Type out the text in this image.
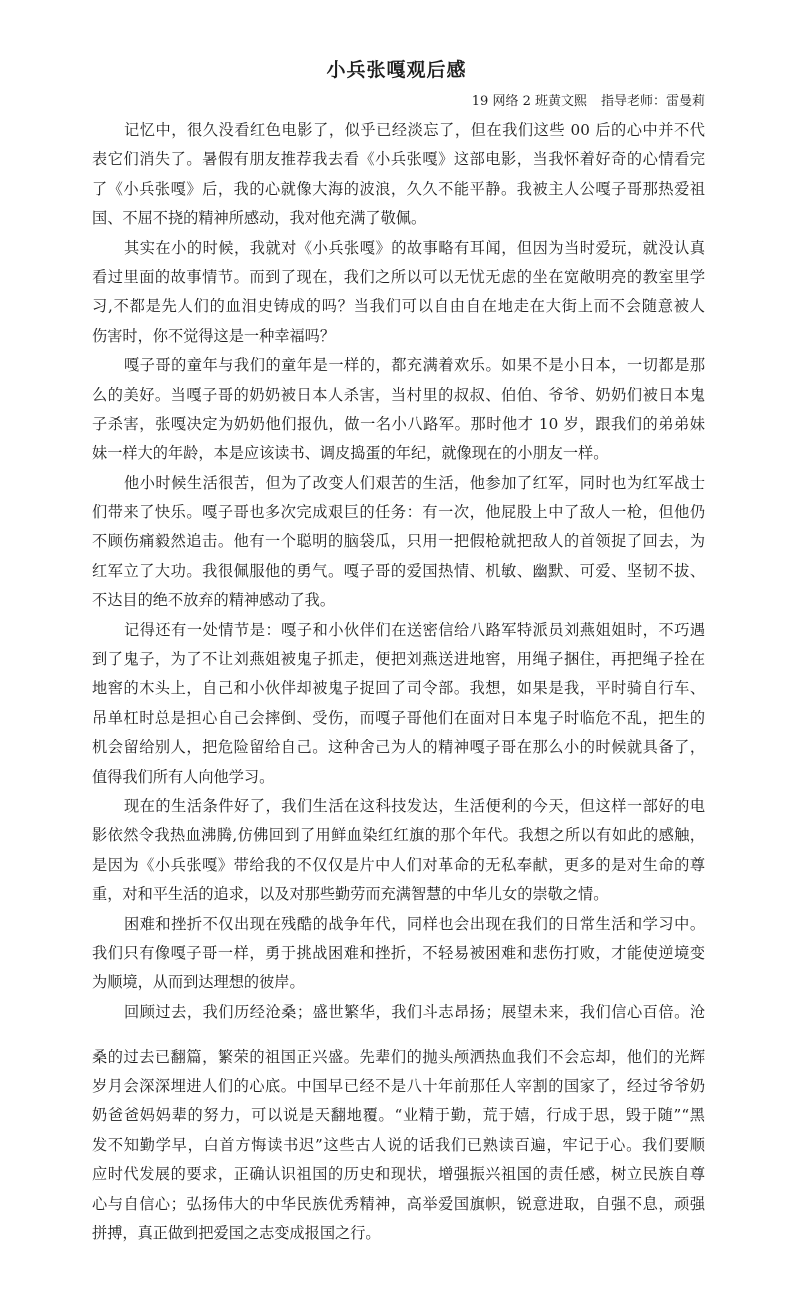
小兵张嘎观后感
19 网络 2 班黄文熙 指导老师：雷曼莉
记忆中，很久没看红色电影了，似乎已经淡忘了，但在我们这些 00 后的心中并不代
表它们消失了。暑假有朋友推荐我去看《小兵张嘎》这部电影，当我怀着好奇的心情看完
了《小兵张嘎》后，我的心就像大海的波浪，久久不能平静。我被主人公嘎子哥那热爱祖
国、不屈不挠的精神所感动，我对他充满了敬佩。
其实在小的时候，我就对《小兵张嘎》的故事略有耳闻，但因为当时爱玩，就没认真
看过里面的故事情节。而到了现在，我们之所以可以无忧无虑的坐在宽敞明亮的教室里学
习,不都是先人们的血泪史铸成的吗？当我们可以自由自在地走在大街上而不会随意被人
伤害时，你不觉得这是一种幸福吗？
嘎子哥的童年与我们的童年是一样的，都充满着欢乐。如果不是小日本，一切都是那
么的美好。当嘎子哥的奶奶被日本人杀害，当村里的叔叔、伯伯、爷爷、奶奶们被日本鬼
子杀害，张嘎决定为奶奶他们报仇，做一名小八路军。那时他才 10 岁，跟我们的弟弟妹
妹一样大的年龄，本是应该读书、调皮捣蛋的年纪，就像现在的小朋友一样。
他小时候生活很苦，但为了改变人们艰苦的生活，他参加了红军，同时也为红军战士
们带来了快乐。嘎子哥也多次完成艰巨的任务：有一次，他屁股上中了敌人一枪，但他仍
不顾伤痛毅然追击。他有一个聪明的脑袋瓜，只用一把假枪就把敌人的首领捉了回去，为
红军立了大功。我很佩服他的勇气。嘎子哥的爱国热情、机敏、幽默、可爱、坚韧不拔、
不达目的绝不放弃的精神感动了我。
记得还有一处情节是：嘎子和小伙伴们在送密信给八路军特派员刘燕姐姐时，不巧遇
到了鬼子，为了不让刘燕姐被鬼子抓走，便把刘燕送进地窖，用绳子捆住，再把绳子拴在
地窖的木头上，自己和小伙伴却被鬼子捉回了司令部。我想，如果是我，平时骑自行车、
吊单杠时总是担心自己会摔倒、受伤，而嘎子哥他们在面对日本鬼子时临危不乱，把生的
机会留给别人，把危险留给自己。这种舍己为人的精神嘎子哥在那么小的时候就具备了，
值得我们所有人向他学习。
现在的生活条件好了，我们生活在这科技发达，生活便利的今天，但这样一部好的电
影依然令我热血沸腾,仿佛回到了用鲜血染红红旗的那个年代。我想之所以有如此的感触，
是因为《小兵张嘎》带给我的不仅仅是片中人们对革命的无私奉献，更多的是对生命的尊
重，对和平生活的追求，以及对那些勤劳而充满智慧的中华儿女的崇敬之情。
困难和挫折不仅出现在残酷的战争年代，同样也会出现在我们的日常生活和学习中。
我们只有像嘎子哥一样，勇于挑战困难和挫折，不轻易被困难和悲伤打败，才能使逆境变
为顺境，从而到达理想的彼岸。
回顾过去，我们历经沧桑；盛世繁华，我们斗志昂扬；展望未来，我们信心百倍。沧
桑的过去已翻篇，繁荣的祖国正兴盛。先辈们的抛头颅洒热血我们不会忘却，他们的光辉
岁月会深深埋进人们的心底。中国早已经不是八十年前那任人宰割的国家了，经过爷爷奶
奶爸爸妈妈辈的努力，可以说是天翻地覆。“业精于勤，荒于嬉，行成于思，毁于随”“黑
发不知勤学早，白首方悔读书迟”这些古人说的话我们已熟读百遍，牢记于心。我们要顺
应时代发展的要求，正确认识祖国的历史和现状，增强振兴祖国的责任感，树立民族自尊
心与自信心；弘扬伟大的中华民族优秀精神，高举爱国旗帜，锐意进取，自强不息，顽强
拼搏，真正做到把爱国之志变成报国之行。
